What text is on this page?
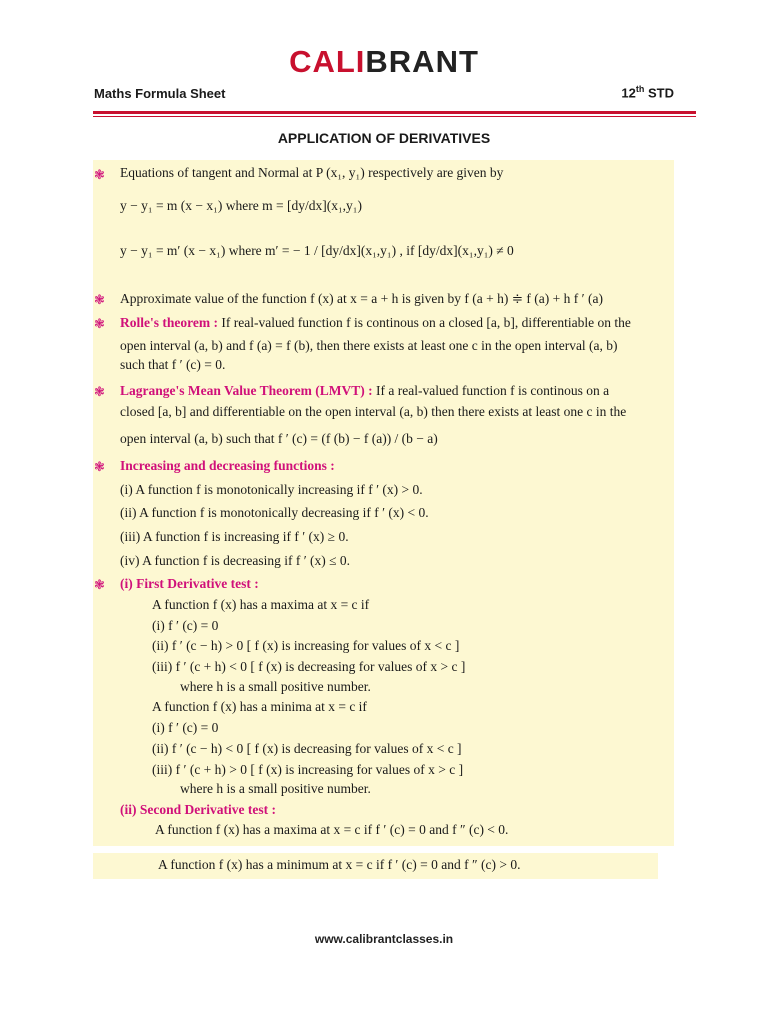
CALIBRANT
Maths Formula Sheet	12th STD
APPLICATION OF DERIVATIVES
❃
❃
❃
❃
❃
❃
Equations of tangent and Normal at P (x₁, y₁) respectively are given by
y − y₁ = m (x − x₁) where m = [dy/dx](x₁,y₁)
y − y₁ = m′ (x − x₁) where m′ = − 1 / [dy/dx](x₁,y₁) , if [dy/dx](x₁,y₁) ≠ 0
Approximate value of the function f (x) at x = a + h is given by f (a + h) ≑ f (a) + h f ′ (a)
Rolle's theorem : If real-valued function f is continous on a closed [a, b], differentiable on the
open interval (a, b) and f (a) = f (b), then there exists at least one c in the open interval (a, b)
such that f ′ (c) = 0.
Lagrange's Mean Value Theorem (LMVT) : If a real-valued function f is continous on a
closed [a, b] and differentiable on the open interval (a, b) then there exists at least one c in the
open interval (a, b) such that f ′ (c) = (f (b) − f (a)) / (b − a)
Increasing and decreasing functions :
(i) A function f is monotonically increasing if f ′ (x) > 0.
(ii) A function f is monotonically decreasing if f ′ (x) < 0.
(iii) A function f is increasing if f ′ (x) ≥ 0.
(iv) A function f is decreasing if f ′ (x) ≤ 0.
(i) First Derivative test :
A function f (x) has a maxima at x = c if
(i) f ′ (c) = 0
(ii) f ′ (c − h) > 0 [ f (x) is increasing for values of x < c ]
(iii) f ′ (c + h) < 0 [ f (x) is decreasing for values of x > c ]
where h is a small positive number.
A function f (x) has a minima at x = c if
(i) f ′ (c) = 0
(ii) f ′ (c − h) < 0 [ f (x) is decreasing for values of x < c ]
(iii) f ′ (c + h) > 0 [ f (x) is increasing for values of x > c ]
where h is a small positive number.
(ii) Second Derivative test :
A function f (x) has a maxima at x = c if f ′ (c) = 0 and f ″ (c) < 0.
A function f (x) has a minimum at x = c if f ′ (c) = 0 and f ″ (c) > 0.
www.calibrantclasses.in
